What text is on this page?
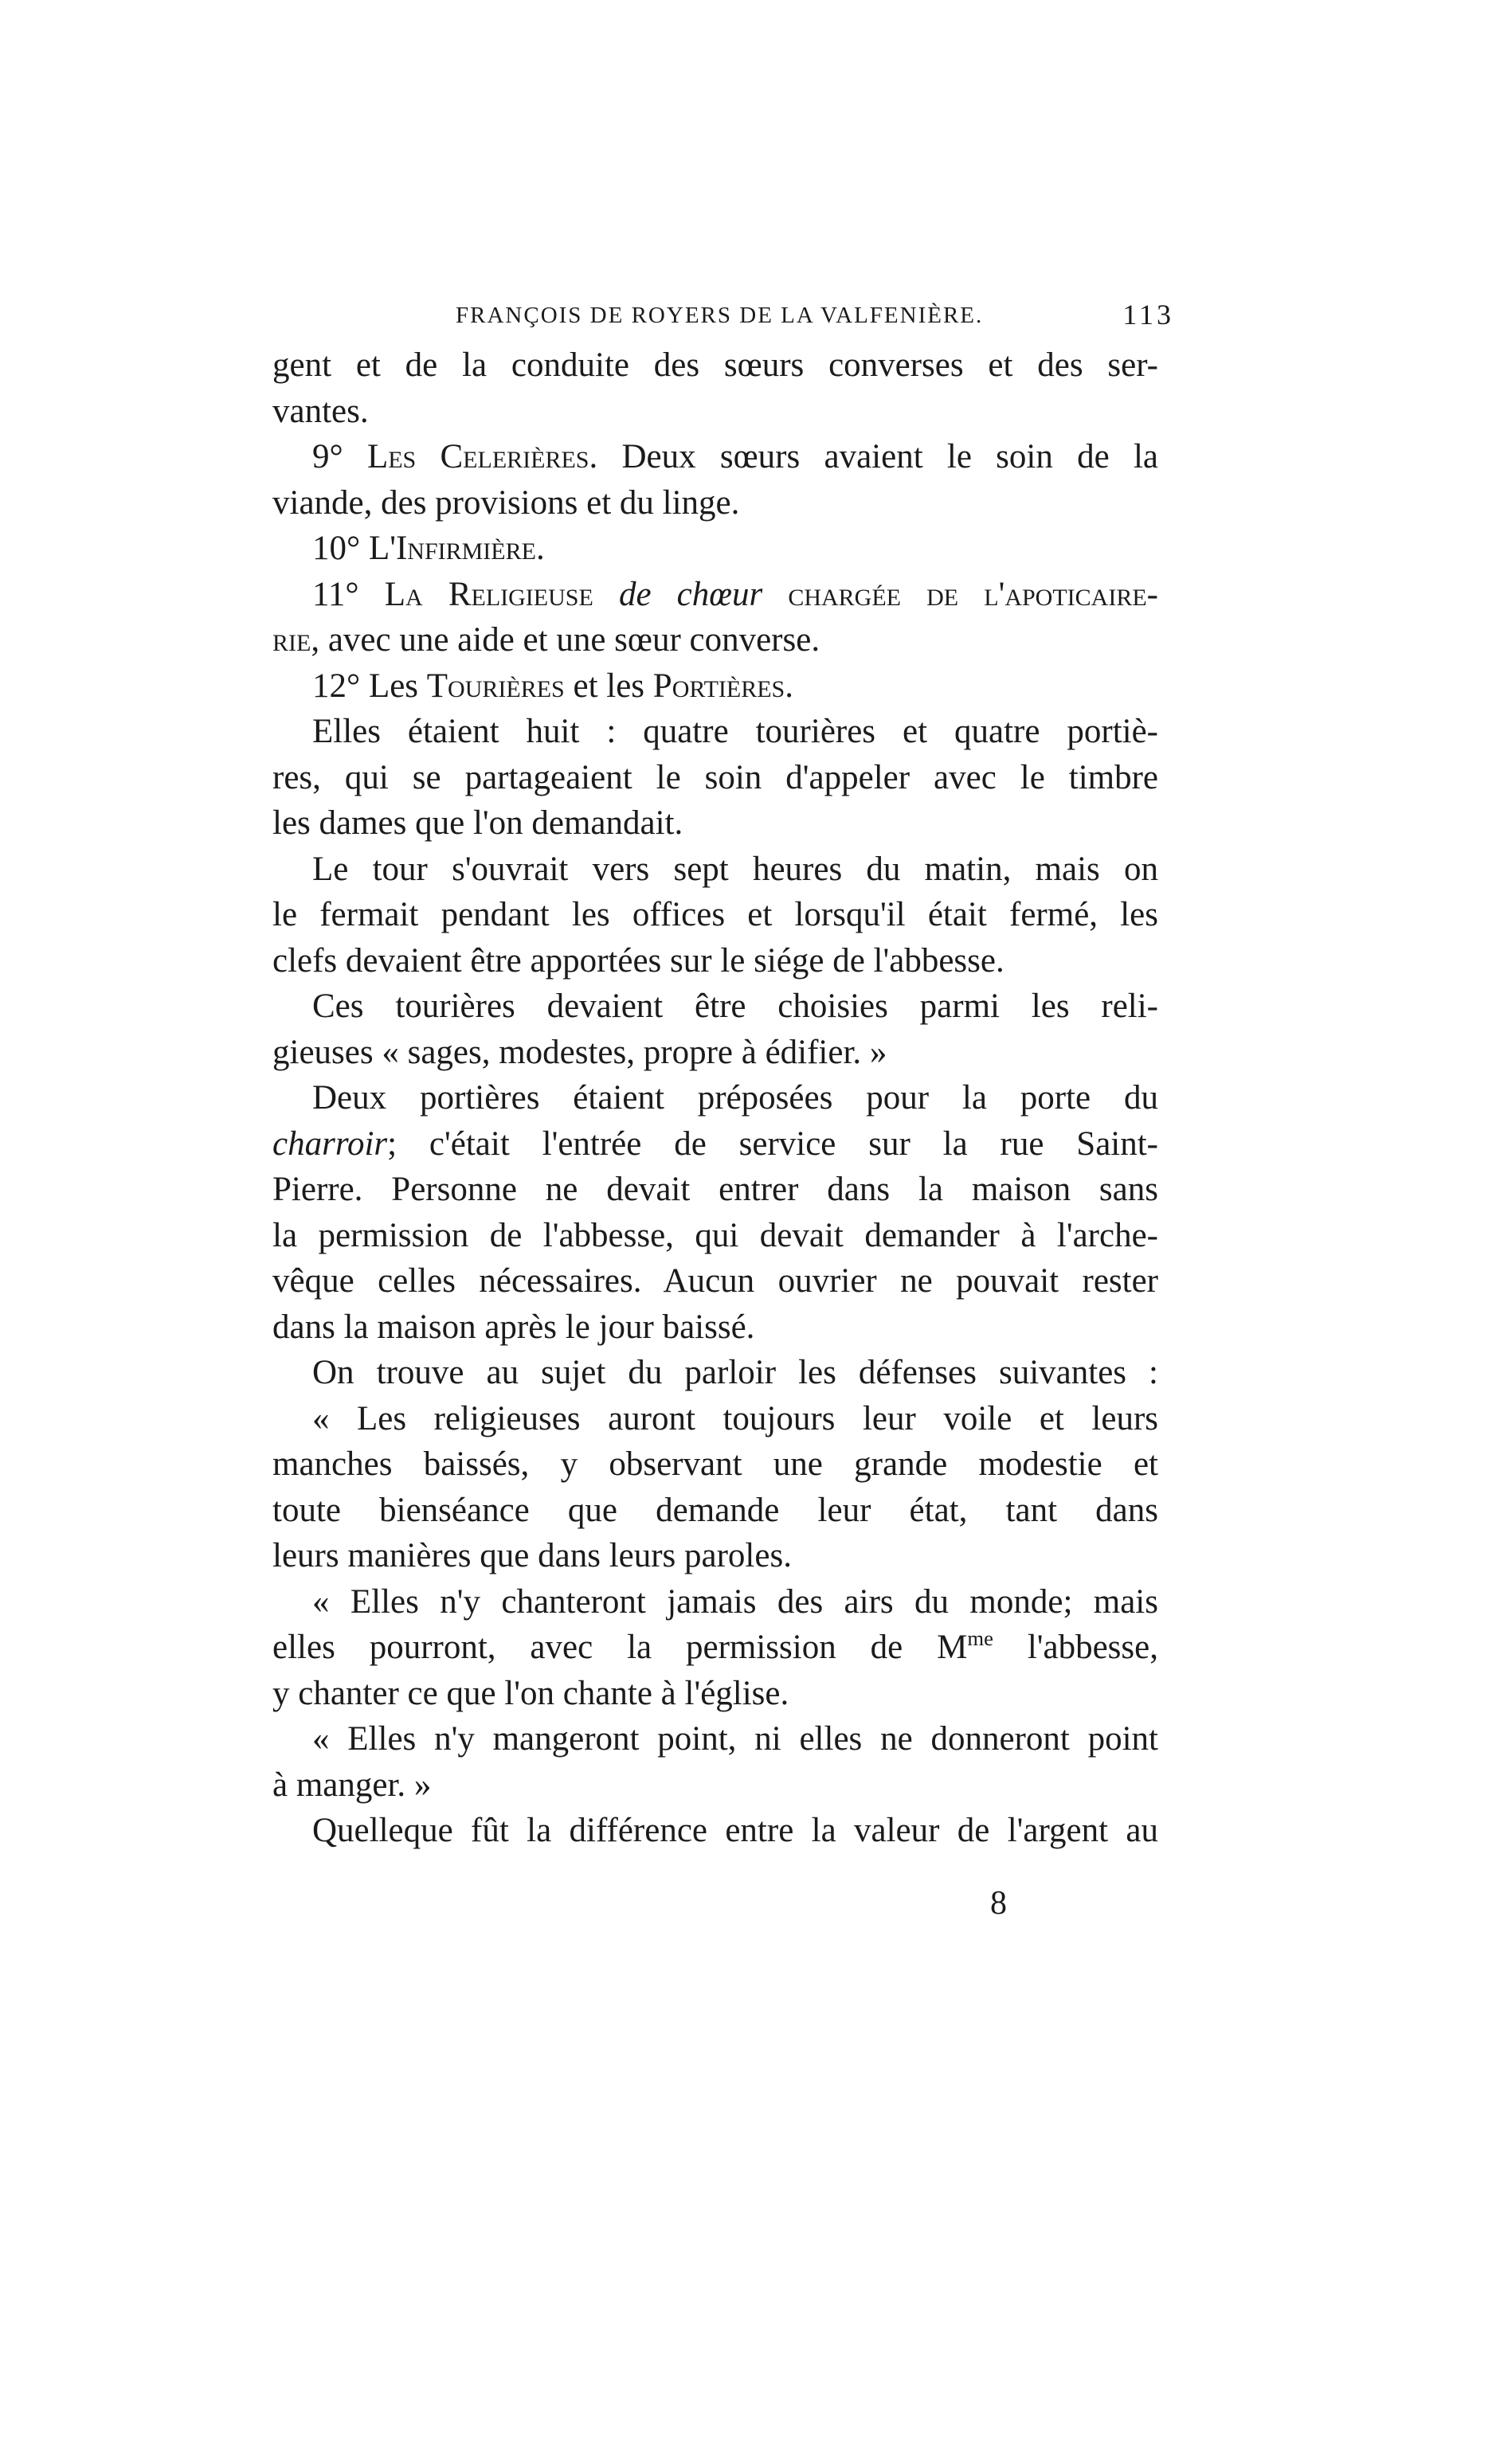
FRANÇOIS DE ROYERS DE LA VALFENIÈRE.	113
gent et de la conduite des sœurs converses et des ser-
vantes.
9° Les Celerières. Deux sœurs avaient le soin de la
viande, des provisions et du linge.
10° L'Infirmière.
11° La Religieuse de chœur chargée de l'apoticaire-
rie, avec une aide et une sœur converse.
12° Les Tourières et les Portières.
Elles étaient huit : quatre tourières et quatre portiè-
res, qui se partageaient le soin d'appeler avec le timbre
les dames que l'on demandait.
Le tour s'ouvrait vers sept heures du matin, mais on
le fermait pendant les offices et lorsqu'il était fermé, les
clefs devaient être apportées sur le siége de l'abbesse.
Ces tourières devaient être choisies parmi les reli-
gieuses « sages, modestes, propre à édifier. »
Deux portières étaient préposées pour la porte du
charroir; c'était l'entrée de service sur la rue Saint-
Pierre. Personne ne devait entrer dans la maison sans
la permission de l'abbesse, qui devait demander à l'arche-
vêque celles nécessaires. Aucun ouvrier ne pouvait rester
dans la maison après le jour baissé.
On trouve au sujet du parloir les défenses suivantes :
« Les religieuses auront toujours leur voile et leurs
manches baissés, y observant une grande modestie et
toute bienséance que demande leur état, tant dans
leurs manières que dans leurs paroles.
« Elles n'y chanteront jamais des airs du monde; mais
elles pourront, avec la permission de $M^{me}$ l'abbesse,
y chanter ce que l'on chante à l'église.
« Elles n'y mangeront point, ni elles ne donneront point
à manger. »
Quelleque fût la différence entre la valeur de l'argent au
8
